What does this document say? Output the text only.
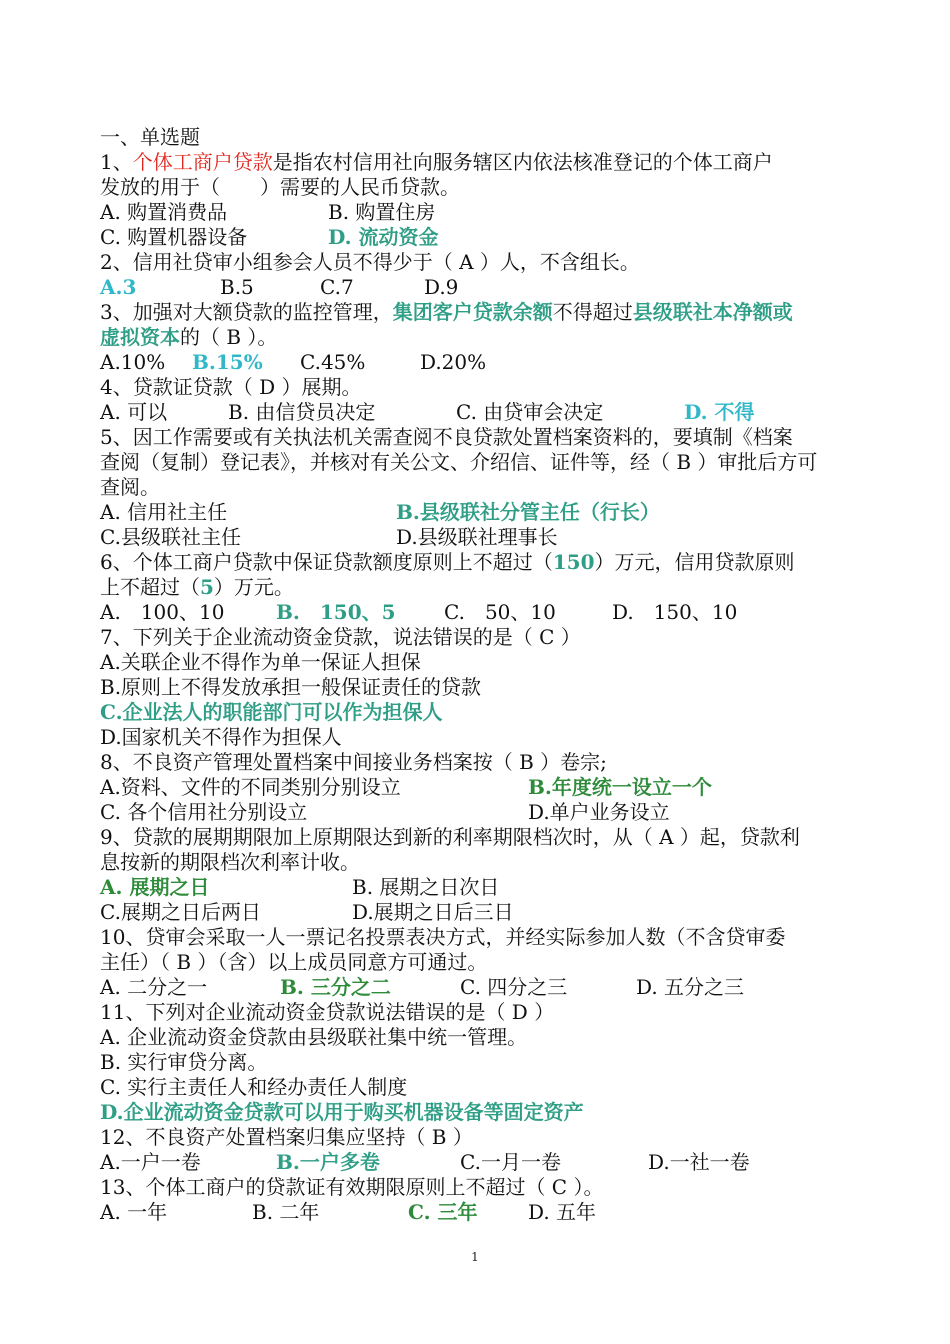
一、单选题
1、个体工商户贷款是指农村信用社向服务辖区内依法核准登记的个体工商户
发放的用于（　　）需要的人民币贷款。
A. 购置消费品	B. 购置住房
C. 购置机器设备	D. 流动资金
2、信用社贷审小组参会人员不得少于（ A ）人，不含组长。
A.3	B.5	C.7	D.9
3、加强对大额贷款的监控管理，集团客户贷款余额不得超过县级联社本净额或
虚拟资本的（ B ）。
A.10% B.15% C.45%	D.20%
4、贷款证贷款（ D ）展期。
A. 可以	B. 由信贷员决定	C. 由贷审会决定	D. 不得
5、因工作需要或有关执法机关需查阅不良贷款处置档案资料的，要填制《档案
查阅（复制）登记表》，并核对有关公文、介绍信、证件等，经（ B ）审批后方可
查阅。
A. 信用社主任	B.县级联社分管主任（行长）
C.县级联社主任	D.县级联社理事长
6、个体工商户贷款中保证贷款额度原则上不超过（150）万元，信用贷款原则
上不超过（5）万元。
A.　100、10	B.　150、5 C.　50、10	D.　150、10
7、下列关于企业流动资金贷款，说法错误的是（ C ）
A.关联企业不得作为单一保证人担保
B.原则上不得发放承担一般保证责任的贷款
C.企业法人的职能部门可以作为担保人
D.国家机关不得作为担保人
8、不良资产管理处置档案中间接业务档案按（ B ）卷宗;
A.资料、文件的不同类别分别设立	B.年度统一设立一个
C. 各个信用社分别设立	D.单户业务设立
9、贷款的展期期限加上原期限达到新的利率期限档次时，从（ A ）起，贷款利
息按新的期限档次利率计收。
A. 展期之日	B. 展期之日次日
C.展期之日后两日	D.展期之日后三日
10、贷审会采取一人一票记名投票表决方式，并经实际参加人数（不含贷审委
主任）（ B ）（含）以上成员同意方可通过。
A. 二分之一	B. 三分之二	C. 四分之三	D. 五分之三
11、下列对企业流动资金贷款说法错误的是（ D ）
A. 企业流动资金贷款由县级联社集中统一管理。
B. 实行审贷分离。
C. 实行主责任人和经办责任人制度
D.企业流动资金贷款可以用于购买机器设备等固定资产
12、不良资产处置档案归集应坚持（ B ）
A.一户一卷	B.一户多卷	C.一月一卷	D.一社一卷
13、个体工商户的贷款证有效期限原则上不超过（ C ）。
A. 一年	B. 二年	C. 三年	D. 五年
1
